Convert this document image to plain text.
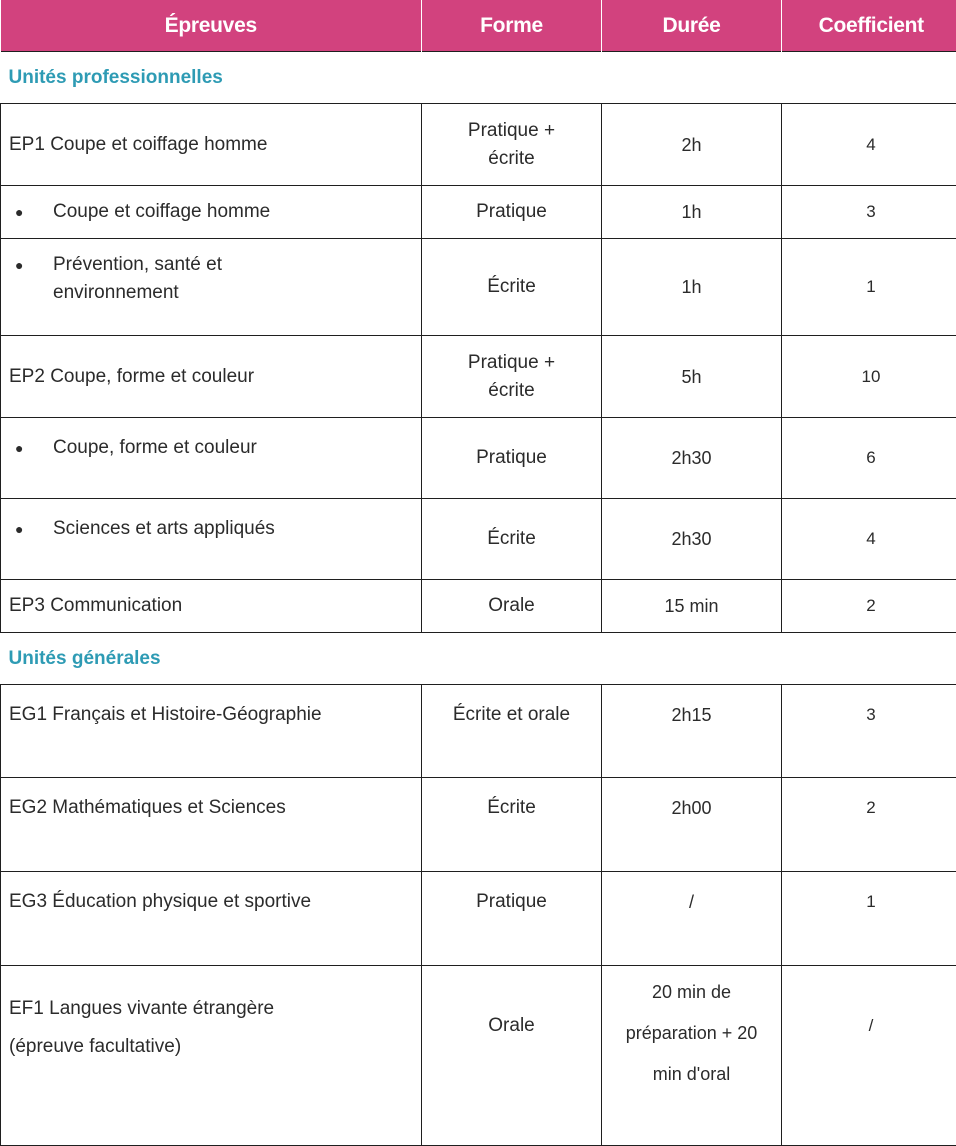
Épreuves	Forme	Durée	Coefficient
Unités professionnelles			
EP1 Coupe et coiffage homme	Pratique + écrite	2h	4
● Coupe et coiffage homme	Pratique	1h	3
● Prévention, santé et environnement	Écrite	1h	1
EP2 Coupe, forme et couleur	Pratique + écrite	5h	10
● Coupe, forme et couleur	Pratique	2h30	6
● Sciences et arts appliqués	Écrite	2h30	4
EP3 Communication	Orale	15 min	2
Unités générales			
EG1 Français et Histoire-Géographie	Écrite et orale	2h15	3
EG2 Mathématiques et Sciences	Écrite	2h00	2
EG3 Éducation physique et sportive	Pratique	/	1

EF1 Langues vivante étrangère (épreuve facultative)	Orale	20 min de préparation + 20 min d'oral	/
